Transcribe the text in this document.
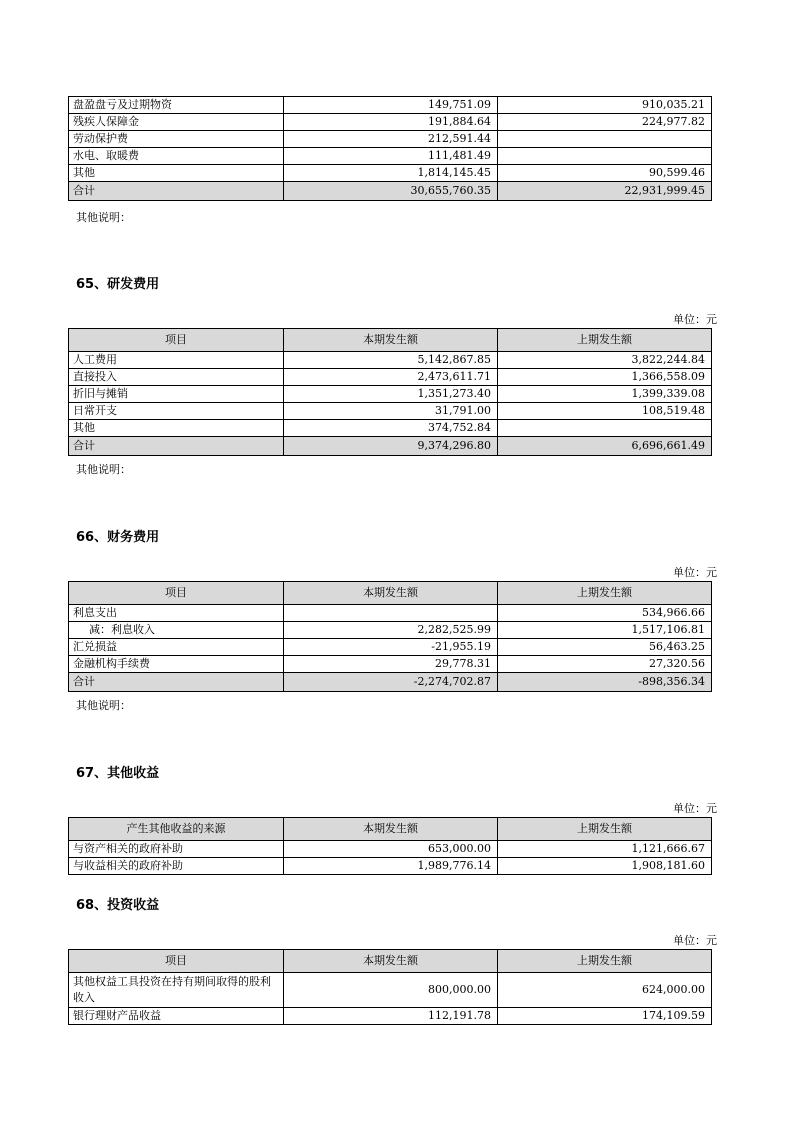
盘盈盘亏及过期物资	149,751.09	910,035.21
残疾人保障金	191,884.64	224,977.82
劳动保护费	212,591.44	
水电、取暖费	111,481.49	
其他	1,814,145.45	90,599.46
合计	30,655,760.35	22,931,999.45
其他说明：
65、研发费用
单位：元
项目	本期发生额	上期发生额
人工费用	5,142,867.85	3,822,244.84
直接投入	2,473,611.71	1,366,558.09
折旧与摊销	1,351,273.40	1,399,339.08
日常开支	31,791.00	108,519.48
其他	374,752.84	
合计	9,374,296.80	6,696,661.49
其他说明：
66、财务费用
单位：元
项目	本期发生额	上期发生额
利息支出		534,966.66
减：利息收入	2,282,525.99	1,517,106.81
汇兑损益	-21,955.19	56,463.25
金融机构手续费	29,778.31	27,320.56
合计	-2,274,702.87	-898,356.34
其他说明：
67、其他收益
单位：元
产生其他收益的来源	本期发生额	上期发生额
与资产相关的政府补助	653,000.00	1,121,666.67
与收益相关的政府补助	1,989,776.14	1,908,181.60
68、投资收益
单位：元
项目	本期发生额	上期发生额
其他权益工具投资在持有期间取得的股利收入	800,000.00	624,000.00
银行理财产品收益	112,191.78	174,109.59
